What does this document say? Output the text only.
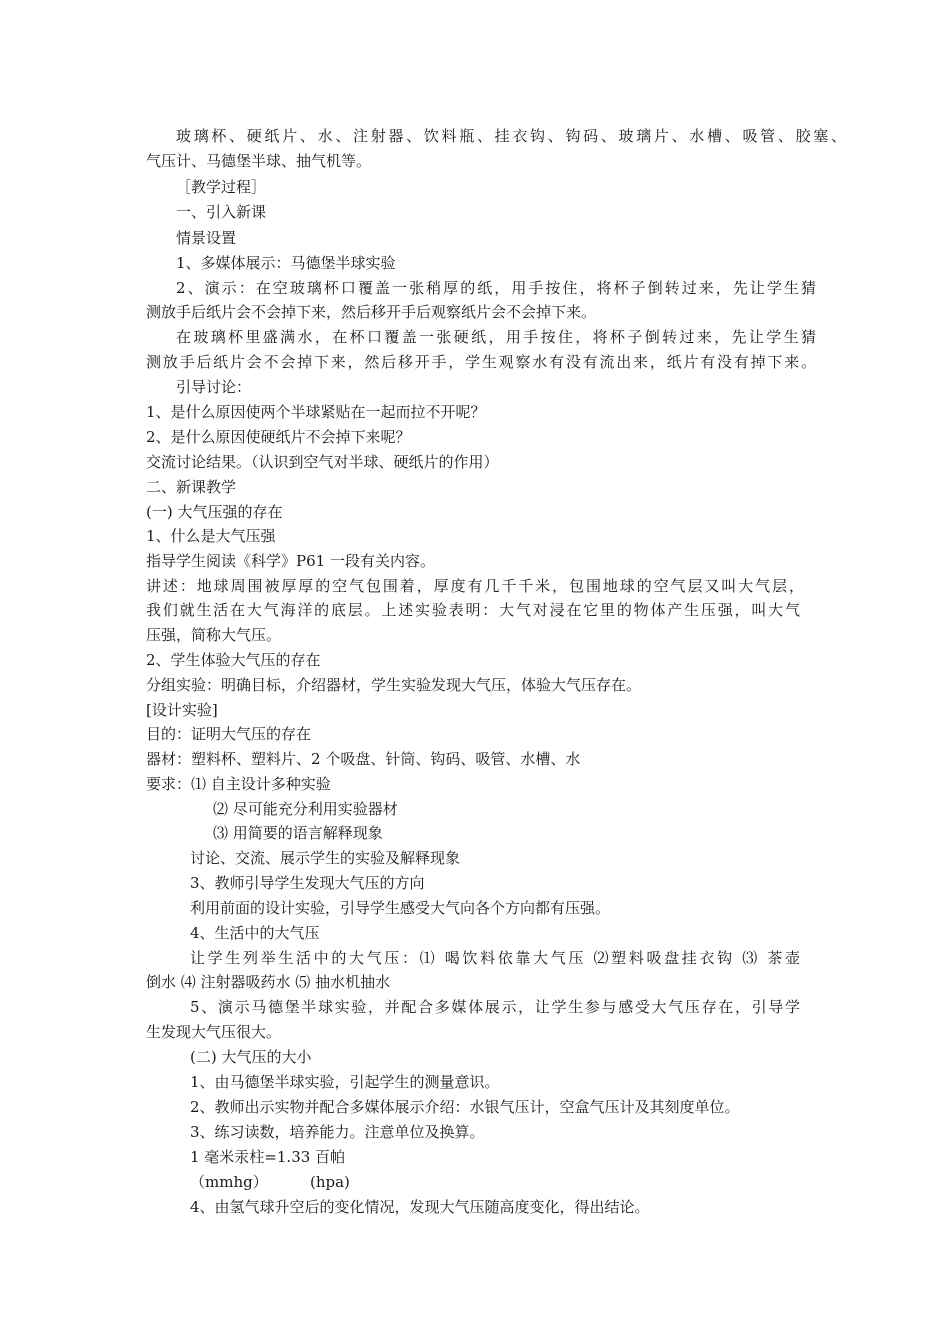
玻璃杯、硬纸片、水、注射器、饮料瓶、挂衣钩、钩码、玻璃片、水槽、吸管、胶塞、
气压计、马德堡半球、抽气机等。
［教学过程］
一、引入新课
情景设置
1、多媒体展示：马德堡半球实验
2、演示：在空玻璃杯口覆盖一张稍厚的纸，用手按住，将杯子倒转过来，先让学生猜
测放手后纸片会不会掉下来，然后移开手后观察纸片会不会掉下来。
在玻璃杯里盛满水，在杯口覆盖一张硬纸，用手按住，将杯子倒转过来，先让学生猜
测放手后纸片会不会掉下来，然后移开手，学生观察水有没有流出来，纸片有没有掉下来。
引导讨论：
1、是什么原因使两个半球紧贴在一起而拉不开呢？
2、是什么原因使硬纸片不会掉下来呢？
交流讨论结果。（认识到空气对半球、硬纸片的作用）
二、新课教学
(一) 大气压强的存在
1、什么是大气压强
指导学生阅读《科学》P61 一段有关内容。
讲述：地球周围被厚厚的空气包围着，厚度有几千千米，包围地球的空气层又叫大气层，
我们就生活在大气海洋的底层。上述实验表明：大气对浸在它里的物体产生压强，叫大气
压强，简称大气压。
2、学生体验大气压的存在
分组实验：明确目标，介绍器材，学生实验发现大气压，体验大气压存在。
[设计实验]
目的：证明大气压的存在
器材：塑料杯、塑料片、2 个吸盘、针筒、钩码、吸管、水槽、水
要求：⑴ 自主设计多种实验
⑵ 尽可能充分利用实验器材
⑶ 用简要的语言解释现象
讨论、交流、展示学生的实验及解释现象
3、教师引导学生发现大气压的方向
利用前面的设计实验，引导学生感受大气向各个方向都有压强。
4、生活中的大气压
让学生列举生活中的大气压：⑴ 喝饮料依靠大气压 ⑵塑料吸盘挂衣钩 ⑶ 茶壶
倒水 ⑷ 注射器吸药水 ⑸ 抽水机抽水
5、演示马德堡半球实验，并配合多媒体展示，让学生参与感受大气压存在，引导学
生发现大气压很大。
(二) 大气压的大小
1、由马德堡半球实验，引起学生的测量意识。
2、教师出示实物并配合多媒体展示介绍：水银气压计，空盒气压计及其刻度单位。
3、练习读数，培养能力。注意单位及换算。
1 毫米汞柱=1.33 百帕
（mmhg）	(hpa)
4、由氢气球升空后的变化情况，发现大气压随高度变化，得出结论。
